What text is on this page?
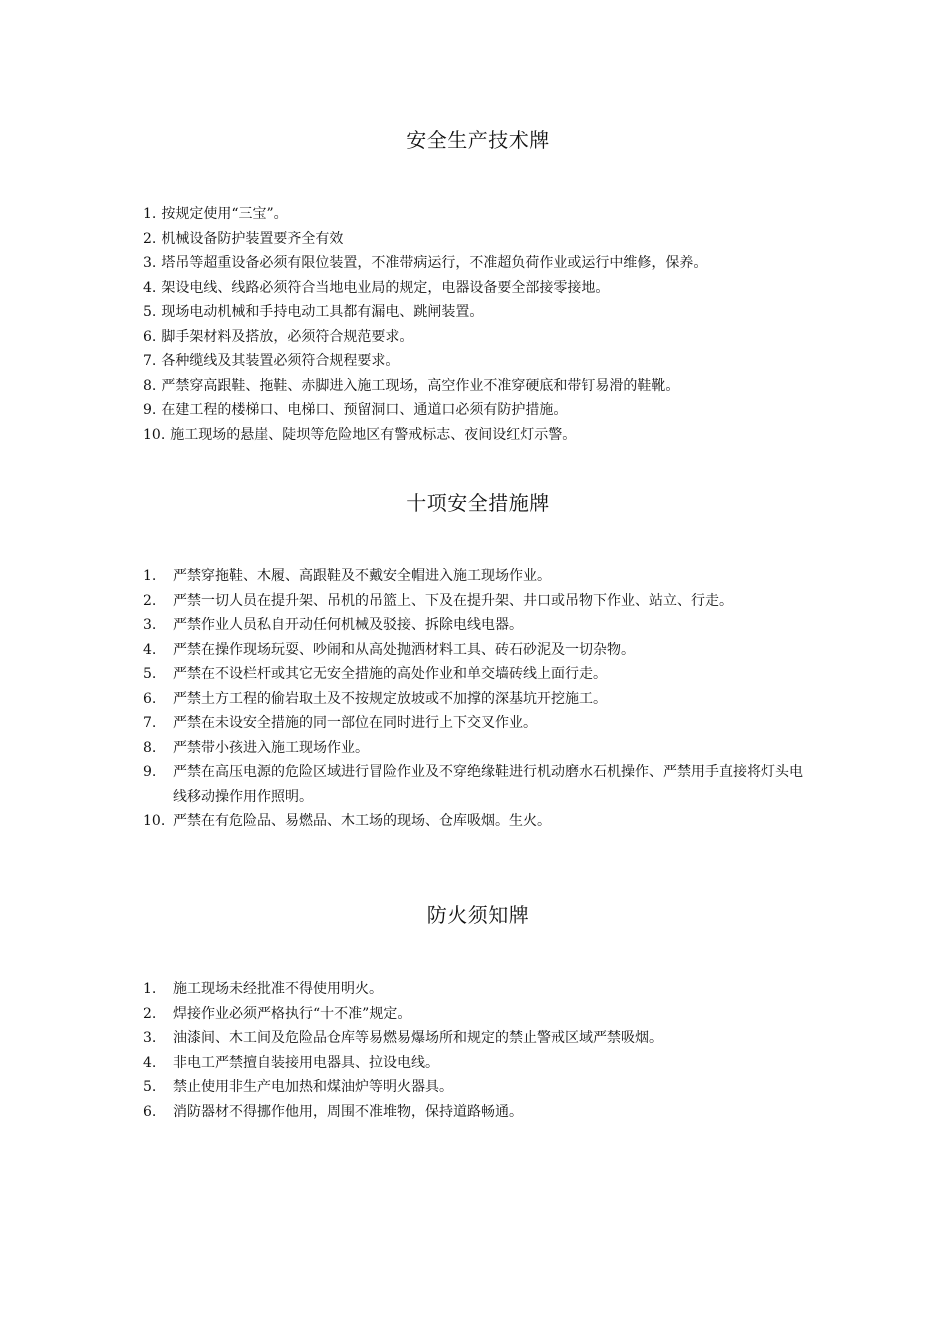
安全生产技术牌
1. 按规定使用“三宝”。
2. 机械设备防护装置要齐全有效
3. 塔吊等超重设备必须有限位装置，不准带病运行，不准超负荷作业或运行中维修，保养。
4. 架设电线、线路必须符合当地电业局的规定，电器设备要全部接零接地。
5. 现场电动机械和手持电动工具都有漏电、跳闸装置。
6. 脚手架材料及搭放，必须符合规范要求。
7. 各种缆线及其装置必须符合规程要求。
8. 严禁穿高跟鞋、拖鞋、赤脚进入施工现场，高空作业不准穿硬底和带钉易滑的鞋靴。
9. 在建工程的楼梯口、电梯口、预留洞口、通道口必须有防护措施。
10. 施工现场的悬崖、陡坝等危险地区有警戒标志、夜间设红灯示警。
十项安全措施牌
1.	严禁穿拖鞋、木履、高跟鞋及不戴安全帽进入施工现场作业。
2.	严禁一切人员在提升架、吊机的吊篮上、下及在提升架、井口或吊物下作业、站立、行走。
3.	严禁作业人员私自开动任何机械及驳接、拆除电线电器。
4.	严禁在操作现场玩耍、吵闹和从高处抛洒材料工具、砖石砂泥及一切杂物。
5.	严禁在不设栏杆或其它无安全措施的高处作业和单交墙砖线上面行走。
6.	严禁土方工程的偷岩取土及不按规定放坡或不加撑的深基坑开挖施工。
7.	严禁在未设安全措施的同一部位在同时进行上下交叉作业。
8.	严禁带小孩进入施工现场作业。
9.	严禁在高压电源的危险区域进行冒险作业及不穿绝缘鞋进行机动磨水石机操作、严禁用手直接将灯头电线移动操作用作照明。
10. 严禁在有危险品、易燃品、木工场的现场、仓库吸烟。生火。
防火须知牌
1.	施工现场未经批准不得使用明火。
2.	焊接作业必须严格执行“十不准”规定。
3.	油漆间、木工间及危险品仓库等易燃易爆场所和规定的禁止警戒区域严禁吸烟。
4.	非电工严禁擅自装接用电器具、拉设电线。
5.	禁止使用非生产电加热和煤油炉等明火器具。
6.	消防器材不得挪作他用，周围不准堆物，保持道路畅通。
